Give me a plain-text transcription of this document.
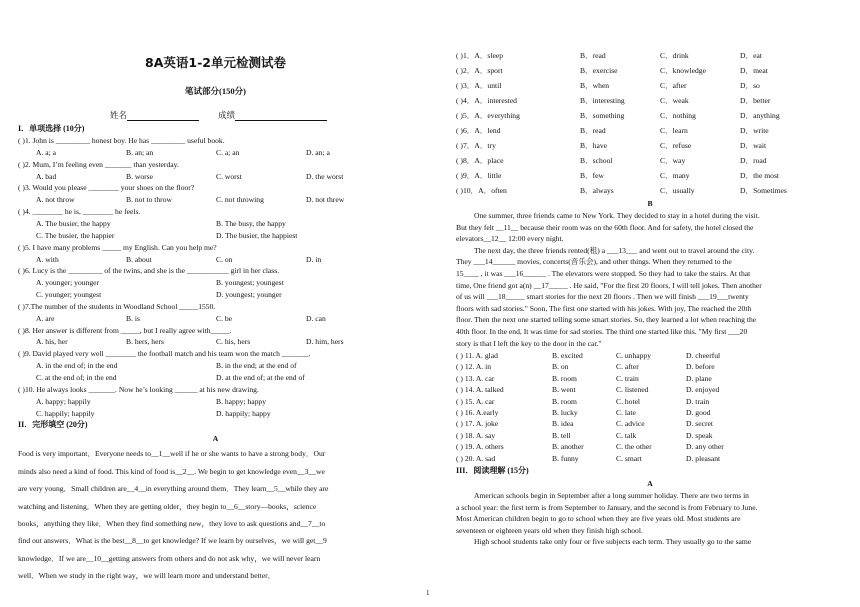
8A英语1-2单元检测试卷
笔试部分(150分)
姓名	成绩
I．单项选择 (10分)
( )1. John is _________ honest boy. He has _________ useful book.
A. a; a	B. an; an	C. a; an	D. an; a
( )2. Mum, I’m feeling even _______ than yesterday.
A. bad	B. worse	C. worst	D. the worst
( )3. Would you please ________ your shoes on the floor?
A. not throw	B. not to throw	C. not throwing	D. not threw
( )4. ________ he is, ________ he feels.
A. The busier, the happy	B. The busy, the happy
C. The busier, the happier	D. The busier, the happiest
( )5. I have many problems _____ my English. Can you help me?
A. with	B. about	C. on	D. in
( )6. Lucy is the _________ of the twins, and she is the ___________ girl in her class.
A. younger; younger	B. youngest; youngest
C. younger; youngest	D. youngest; younger
( )7.The number of the students in Woodland School _____1550.
A. are	B. is	C. be	D. can
( )8. Her answer is different from _____, but I really agree with_____.
A. his, her	B. hers, hers	C. his, hers	D. him, hers
( )9. David played very well ________ the football match and his team won the match _______.
A. in the end of; in the end	B. in the end; at the end of
C. at the end of; in the end	D. at the end of; at the end of
( )10. He always looks _______. Now he’s looking ______ at his new drawing.
A. happy; happily	B. happy; happy
C. happily; happily	D. happily; happy
II．完形填空 (20分)
A
Food is very important．Everyone needs to__1__well if he or she wants to have a strong body．Our
minds also need a kind of food. This kind of food is__2__. We begin to get knowledge even__3__we
are very young．Small children are__4__in everything around them．They learn__5__while they are
watching and listening．When they are getting older，they begin to__6__story—books，science
books，anything they like．When they find something new，they love to ask questions and__7__to
find out answers．What is the best__8__to get knowledge? If we learn by ourselves，we will get__9
knowledge．If we are__10__getting answers from others and do not ask why，we will never learn
well．When we study in the right way，we will learn more and understand better．
( )1．A．sleep	B．read	C．drink	D．eat
( )2．A．sport	B．exercise	C．knowledge	D．meat
( )3．A．until	B．when	C．after	D．so
( )4．A．interested	B．interesting	C．weak	D．better
( )5．A．everything	B．something	C．nothing	D．anything
( )6．A．lend	B．read	C．learn	D．write
( )7．A．try	B．have	C．refuse	D．wait
( )8．A．place	B．school	C．way	D．road
( )9．A．little	B．few	C．many	D．the most
( )10．A．often	B．always	C．usually	D．Sometimes
B
One summer, three friends came to New York. They decided to stay in a hotel during the visit.
But they felt __11__ because their room was on the 60th floor. And for safety, the hotel closed the
elevators__12__ 12:00 every night.
The next day, the three friends rented(租) a ___13___ and went out to travel around the city.
They ___14______ movies, concerts(音乐会), and other things. When they returned to the
15____ , it was ___16______ . The elevators were stopped. So they had to take the stairs. At that
time, One friend got a(n) __17_____ . He said, "For the first 20 floors, I will tell jokes. Then another
of us will ___18_____ smart stories for the next 20 floors . Then we will finish ___19___twenty
floors with sad stories." Soon, The first one started with his jokes. With joy, The reached the 20th
floor. Then the next one started telling some smart stories. So, they learned a lot when reaching the
40th floor. In the end, It was time for sad stories. The third one started like this. "My first ___20
story is that I left the key to the door in the car."
( ) 11. A. glad	B. excited	C. unhappy	D. cheerful
( ) 12. A. in	B. on	C. after	D. before
( ) 13. A. car	B. room	C. train	D. plane
( ) 14. A. talked	B. went	C. listened	D. enjoyed
( ) 15. A. car	B. room	C. hotel	D. train
( ) 16. A.early	B. lucky	C. late	D. good
( ) 17. A. joke	B. idea	C. advice	D. secret
( ) 18. A. say	B. tell	C. talk	D. speak
( ) 19. A. others	B. another	C. the other	D. any other
( ) 20. A. sad	B. funny	C. smart	D. pleasant
III．阅读理解 (15分)
A
American schools begin in September after a long summer holiday. There are two terms in
a school year: the first term is from September to January, and the second is from February to June.
Most American children begin to go to school when they are five years old. Most students are
seventeen or eighteen years old when they finish high school.
High school students take only four or five subjects each term. They usually go to the same
1
